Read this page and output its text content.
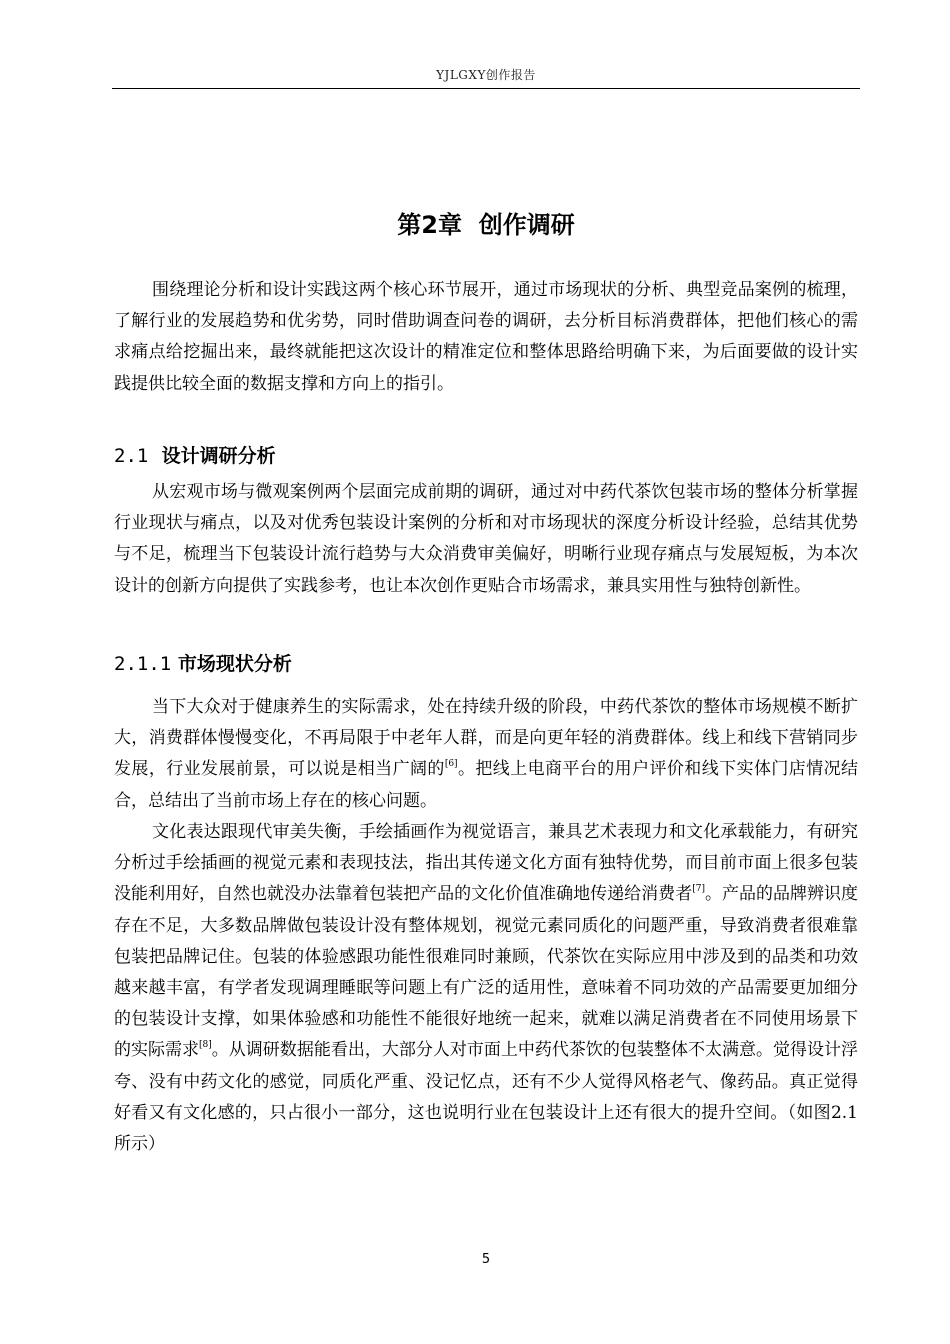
YJLGXY创作报告
第2章  创作调研

围绕理论分析和设计实践这两个核心环节展开，通过市场现状的分析、典型竞品案例的梳理，了解行业的发展趋势和优劣势，同时借助调查问卷的调研，去分析目标消费群体，把他们核心的需求痛点给挖掘出来，最终就能把这次设计的精准定位和整体思路给明确下来，为后面要做的设计实践提供比较全面的数据支撑和方向上的指引。

2.1 设计调研分析

从宏观市场与微观案例两个层面完成前期的调研，通过对中药代茶饮包装市场的整体分析掌握行业现状与痛点，以及对优秀包装设计案例的分析和对市场现状的深度分析设计经验，总结其优势与不足，梳理当下包装设计流行趋势与大众消费审美偏好，明晰行业现存痛点与发展短板，为本次设计的创新方向提供了实践参考，也让本次创作更贴合市场需求，兼具实用性与独特创新性。

2.1.1 市场现状分析

当下大众对于健康养生的实际需求，处在持续升级的阶段，中药代茶饮的整体市场规模不断扩大，消费群体慢慢变化，不再局限于中老年人群，而是向更年轻的消费群体。线上和线下营销同步发展，行业发展前景，可以说是相当广阔的[6]。把线上电商平台的用户评价和线下实体门店情况结合，总结出了当前市场上存在的核心问题。

文化表达跟现代审美失衡，手绘插画作为视觉语言，兼具艺术表现力和文化承载能力，有研究分析过手绘插画的视觉元素和表现技法，指出其传递文化方面有独特优势，而目前市面上很多包装没能利用好，自然也就没办法靠着包装把产品的文化价值准确地传递给消费者[7]。产品的品牌辨识度存在不足，大多数品牌做包装设计没有整体规划，视觉元素同质化的问题严重，导致消费者很难靠包装把品牌记住。包装的体验感跟功能性很难同时兼顾，代茶饮在实际应用中涉及到的品类和功效越来越丰富，有学者发现调理睡眠等问题上有广泛的适用性，意味着不同功效的产品需要更加细分的包装设计支撑，如果体验感和功能性不能很好地统一起来，就难以满足消费者在不同使用场景下的实际需求[8]。从调研数据能看出，大部分人对市面上中药代茶饮的包装整体不太满意。觉得设计浮夸、没有中药文化的感觉，同质化严重、没记忆点，还有不少人觉得风格老气、像药品。真正觉得好看又有文化感的，只占很小一部分，这也说明行业在包装设计上还有很大的提升空间。（如图2.1所示）

5
